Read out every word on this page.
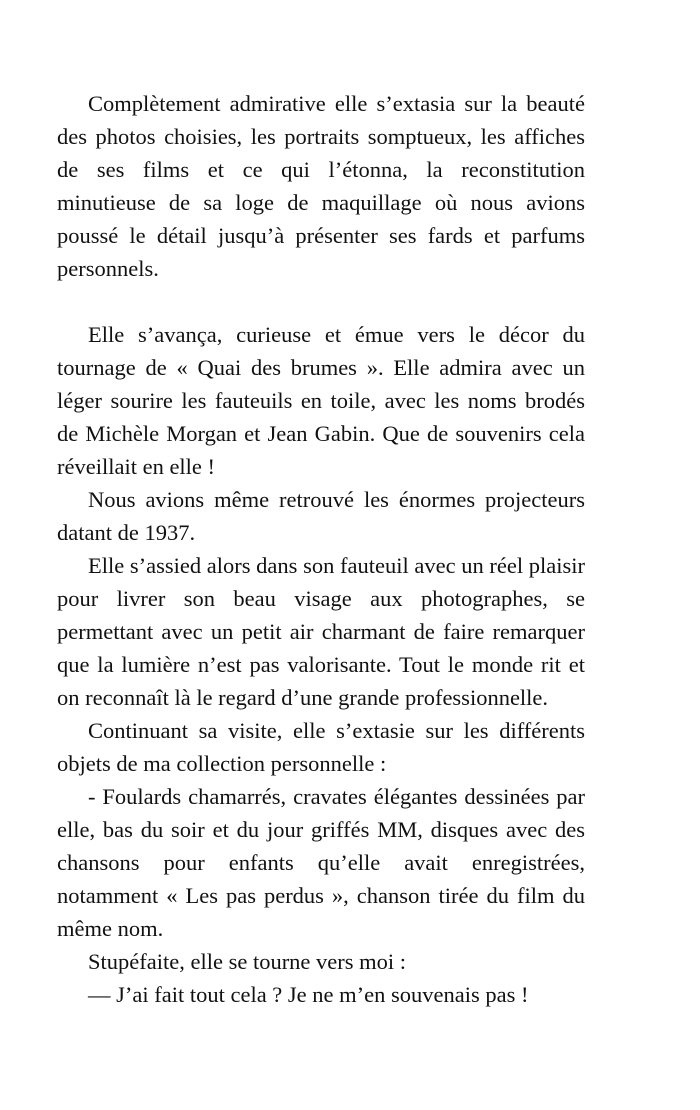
Complètement admirative elle s’extasia sur la beauté des photos choisies, les portraits somptueux, les affiches de ses films et ce qui l’étonna, la reconstitution minutieuse de sa loge de maquillage où nous avions poussé le détail jusqu’à présenter ses fards et parfums personnels.

Elle s’avança, curieuse et émue vers le décor du tournage de « Quai des brumes ». Elle admira avec un léger sourire les fauteuils en toile, avec les noms brodés de Michèle Morgan et Jean Gabin. Que de souvenirs cela réveillait en elle !

Nous avions même retrouvé les énormes projecteurs datant de 1937.

Elle s’assied alors dans son fauteuil avec un réel plaisir pour livrer son beau visage aux photographes, se permettant avec un petit air charmant de faire remarquer que la lumière n’est pas valorisante. Tout le monde rit et on reconnaît là le regard d’une grande professionnelle.

Continuant sa visite, elle s’extasie sur les différents objets de ma collection personnelle :

- Foulards chamarrés, cravates élégantes dessinées par elle, bas du soir et du jour griffés MM, disques avec des chansons pour enfants qu’elle avait enregistrées, notamment « Les pas perdus », chanson tirée du film du même nom.

Stupéfaite, elle se tourne vers moi :

— J’ai fait tout cela ? Je ne m’en souvenais pas !
